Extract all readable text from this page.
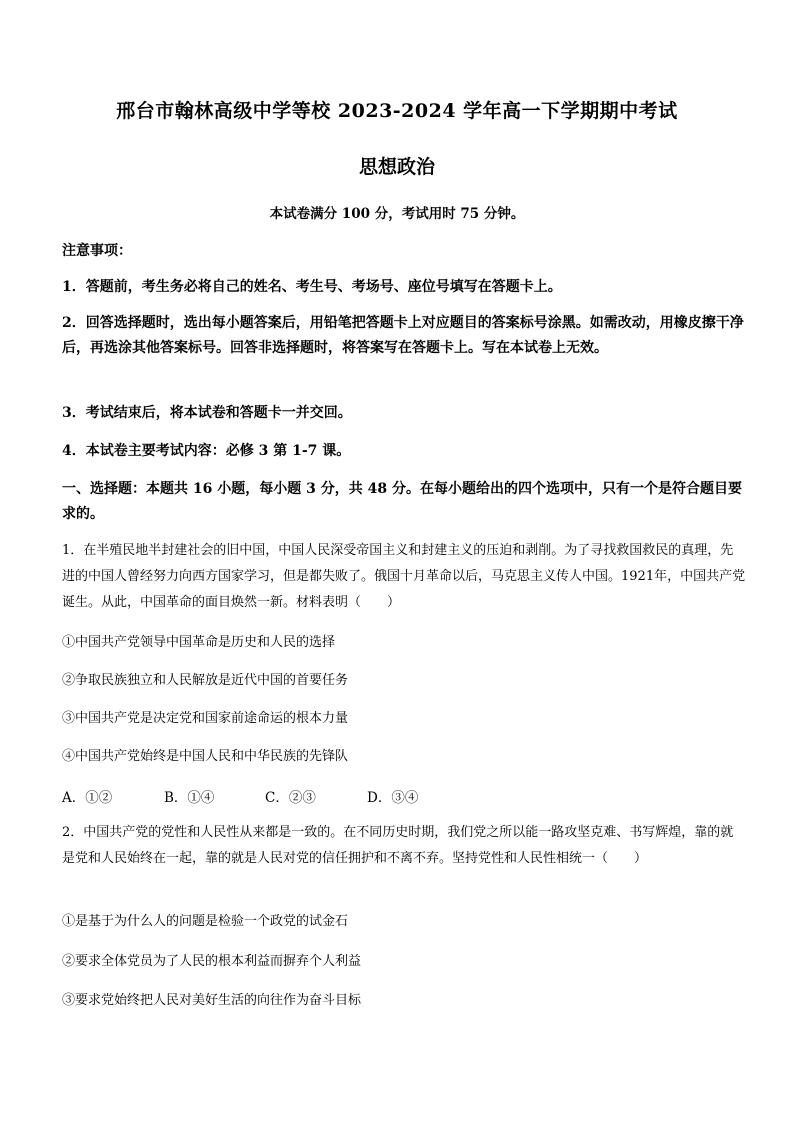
邢台市翰林高级中学等校 2023-2024 学年高一下学期期中考试
思想政治
本试卷满分 100 分，考试用时 75 分钟。
注意事项：
1．答题前，考生务必将自己的姓名、考生号、考场号、座位号填写在答题卡上。
2．回答选择题时，选出每小题答案后，用铅笔把答题卡上对应题目的答案标号涂黑。如需改动，用橡皮擦干净后，再选涂其他答案标号。回答非选择题时，将答案写在答题卡上。写在本试卷上无效。
3．考试结束后，将本试卷和答题卡一并交回。
4．本试卷主要考试内容：必修 3 第 1-7 课。
一、选择题：本题共 16 小题，每小题 3 分，共 48 分。在每小题给出的四个选项中，只有一个是符合题目要求的。
1．在半殖民地半封建社会的旧中国，中国人民深受帝国主义和封建主义的压迫和剥削。为了寻找救国救民的真理，先进的中国人曾经努力向西方国家学习，但是都失败了。俄国十月革命以后，马克思主义传人中国。1921年，中国共产党诞生。从此，中国革命的面目焕然一新。材料表明（　　）
①中国共产党领导中国革命是历史和人民的选择
②争取民族独立和人民解放是近代中国的首要任务
③中国共产党是决定党和国家前途命运的根本力量
④中国共产党始终是中国人民和中华民族的先锋队
A．①②	B．①④	C．②③	D．③④
2．中国共产党的党性和人民性从来都是一致的。在不同历史时期，我们党之所以能一路攻坚克难、书写辉煌，靠的就是党和人民始终在一起，靠的就是人民对党的信任拥护和不离不弃。坚持党性和人民性相统一（　　）
①是基于为什么人的问题是检验一个政党的试金石
②要求全体党员为了人民的根本利益而摒弃个人利益
③要求党始终把人民对美好生活的向往作为奋斗目标
